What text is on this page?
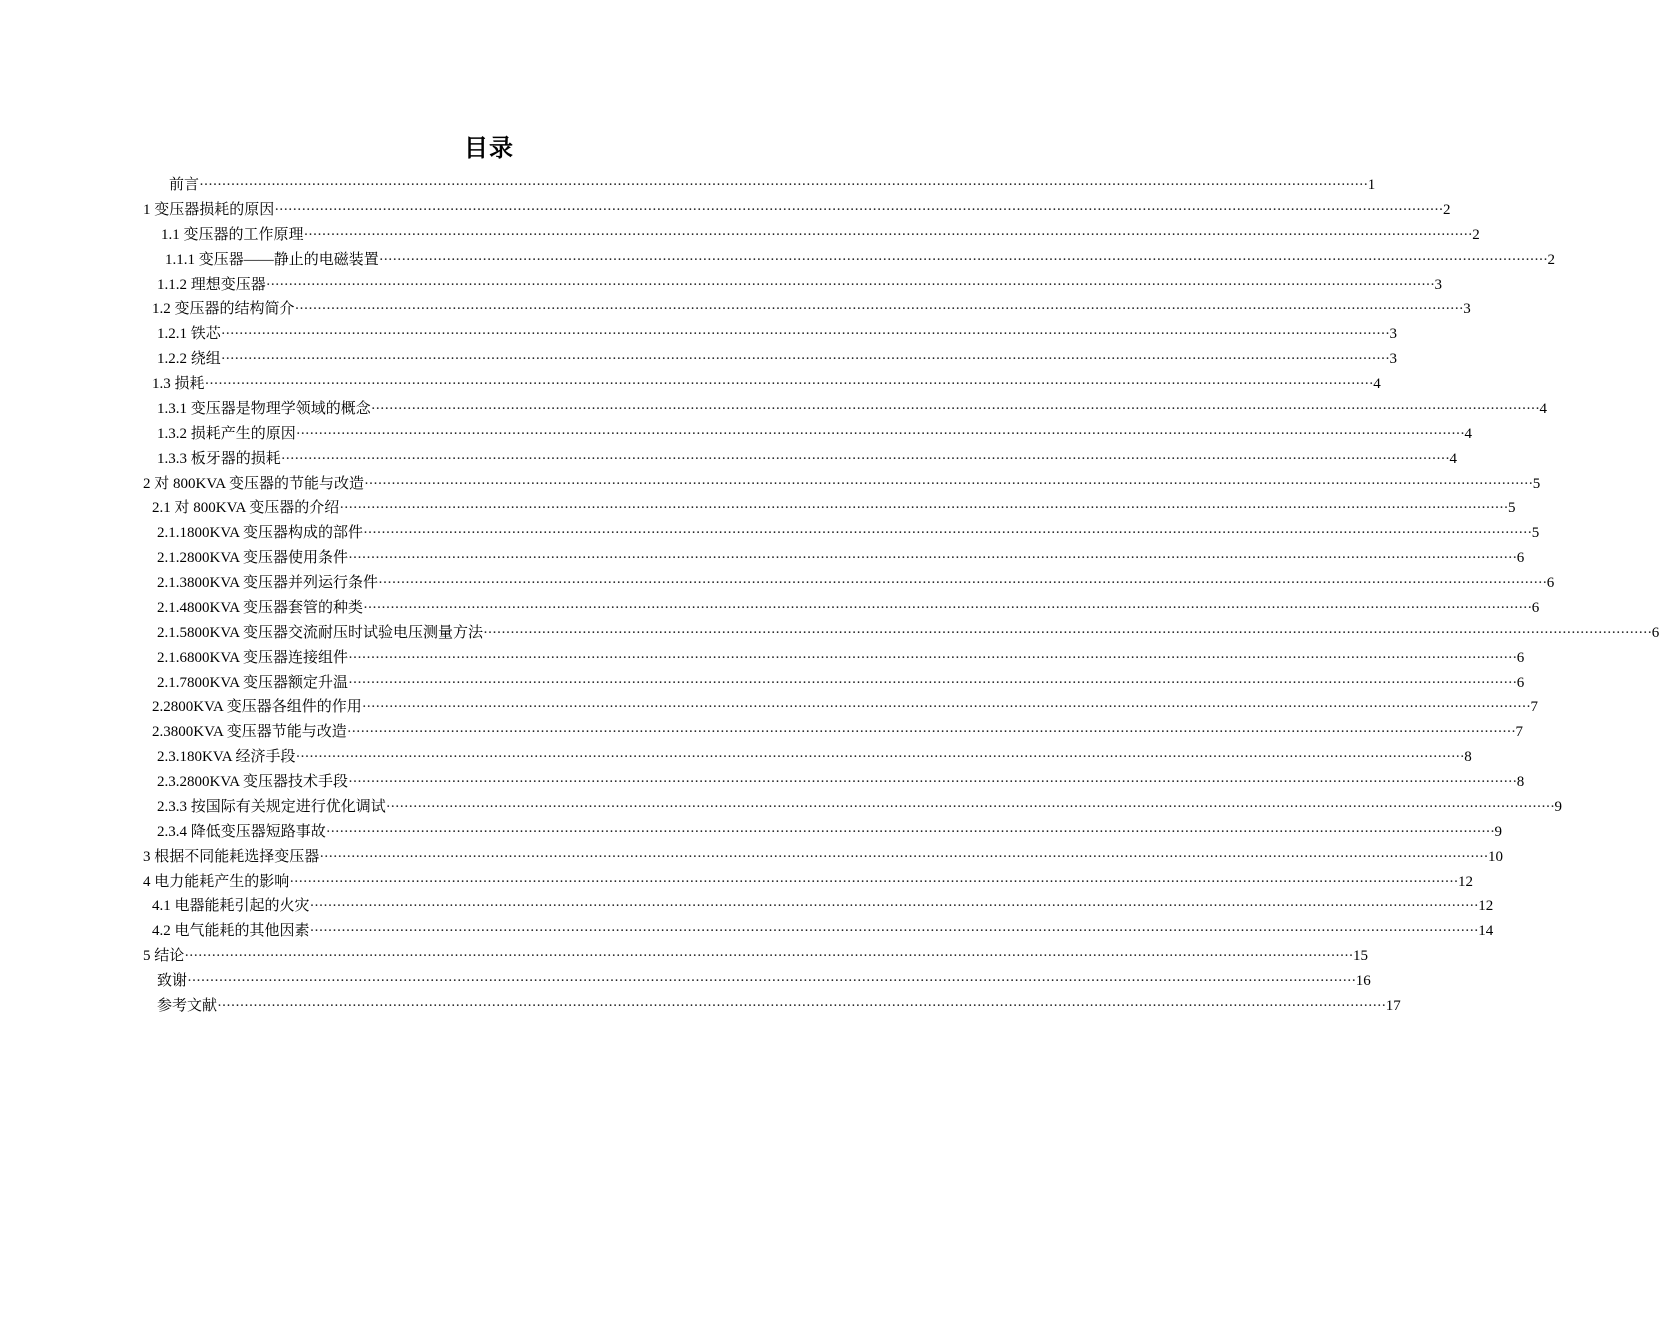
目录
前言 ···································································································································································································································································· 1
1 变压器损耗的原因 ···································································································································································································································································· 2
1.1 变压器的工作原理 ···································································································································································································································································· 2
1.1.1 变压器——静止的电磁装置 ···································································································································································································································································· 2
1.1.2 理想变压器 ···································································································································································································································································· 3
1.2 变压器的结构简介 ···································································································································································································································································· 3
1.2.1 铁芯 ···································································································································································································································································· 3
1.2.2 绕组 ···································································································································································································································································· 3
1.3 损耗 ···································································································································································································································································· 4
1.3.1 变压器是物理学领域的概念 ···································································································································································································································································· 4
1.3.2 损耗产生的原因 ···································································································································································································································································· 4
1.3.3 板牙器的损耗 ···································································································································································································································································· 4
2 对 800KVA 变压器的节能与改造 ···································································································································································································································································· 5
2.1 对 800KVA 变压器的介绍 ···································································································································································································································································· 5
2.1.1800KVA 变压器构成的部件 ···································································································································································································································································· 5
2.1.2800KVA 变压器使用条件 ···································································································································································································································································· 6
2.1.3800KVA 变压器并列运行条件 ···································································································································································································································································· 6
2.1.4800KVA 变压器套管的种类 ···································································································································································································································································· 6
2.1.5800KVA 变压器交流耐压时试验电压测量方法 ···································································································································································································································································· 6
2.1.6800KVA 变压器连接组件 ···································································································································································································································································· 6
2.1.7800KVA 变压器额定升温 ···································································································································································································································································· 6
2.2800KVA 变压器各组件的作用 ···································································································································································································································································· 7
2.3800KVA 变压器节能与改造 ···································································································································································································································································· 7
2.3.180KVA 经济手段 ···································································································································································································································································· 8
2.3.2800KVA 变压器技术手段 ···································································································································································································································································· 8
2.3.3 按国际有关规定进行优化调试 ···································································································································································································································································· 9
2.3.4 降低变压器短路事故 ···································································································································································································································································· 9
3 根据不同能耗选择变压器 ···································································································································································································································································· 10
4 电力能耗产生的影响 ···································································································································································································································································· 12
4.1 电器能耗引起的火灾 ···································································································································································································································································· 12
4.2 电气能耗的其他因素 ···································································································································································································································································· 14
5 结论 ···································································································································································································································································· 15
致谢 ···································································································································································································································································· 16
参考文献 ···································································································································································································································································· 17
